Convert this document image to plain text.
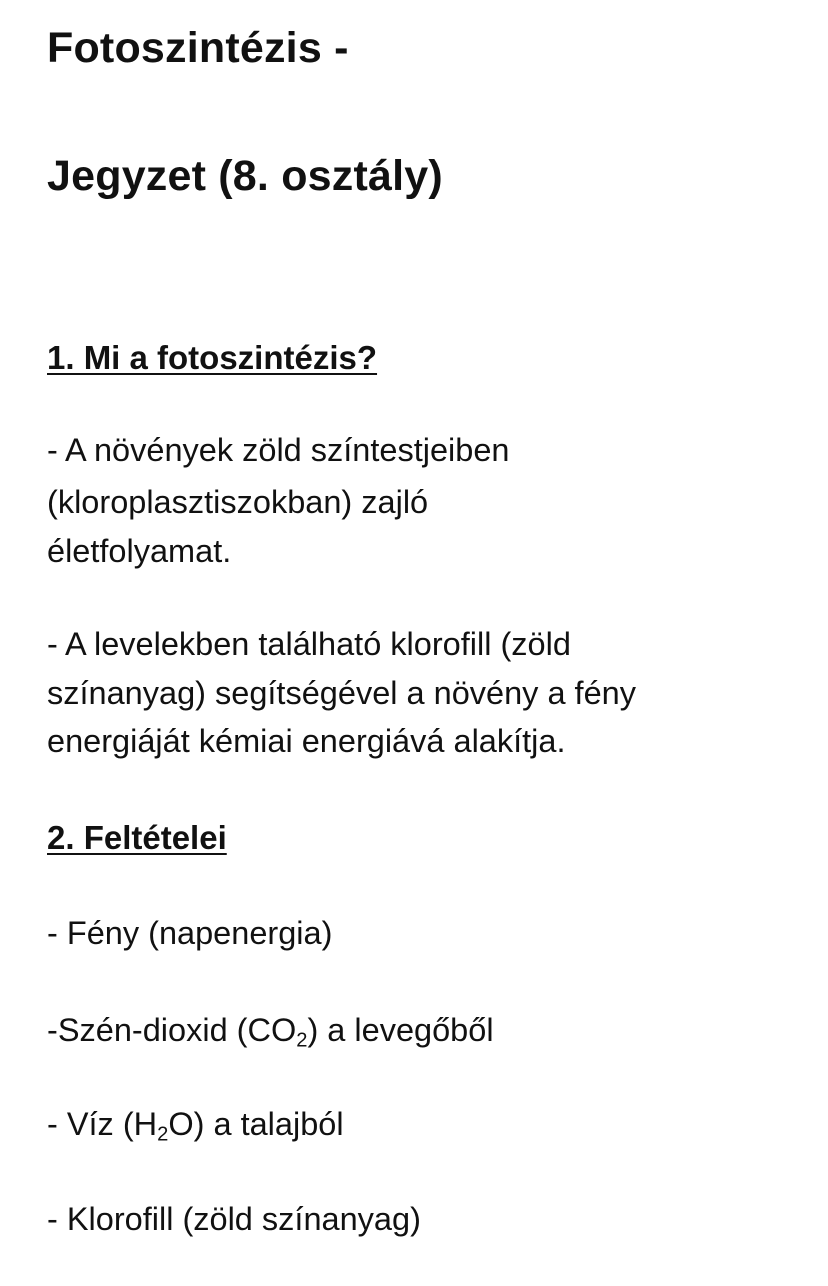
Fotoszintézis -
Jegyzet (8. osztály)
1. Mi a fotoszintézis?

- A növények zöld színtestjeiben

(kloroplasztiszokban) zajló

életfolyamat.

- A levelekben található klorofill (zöld

színanyag) segítségével a növény a fény

energiáját kémiai energiává alakítja.

2. Feltételei

- Fény (napenergia)

-Szén-dioxid $(CO_2)$ a levegőből

- Víz $(H_2O)$ a talajból

- Klorofill (zöld színanyag)
